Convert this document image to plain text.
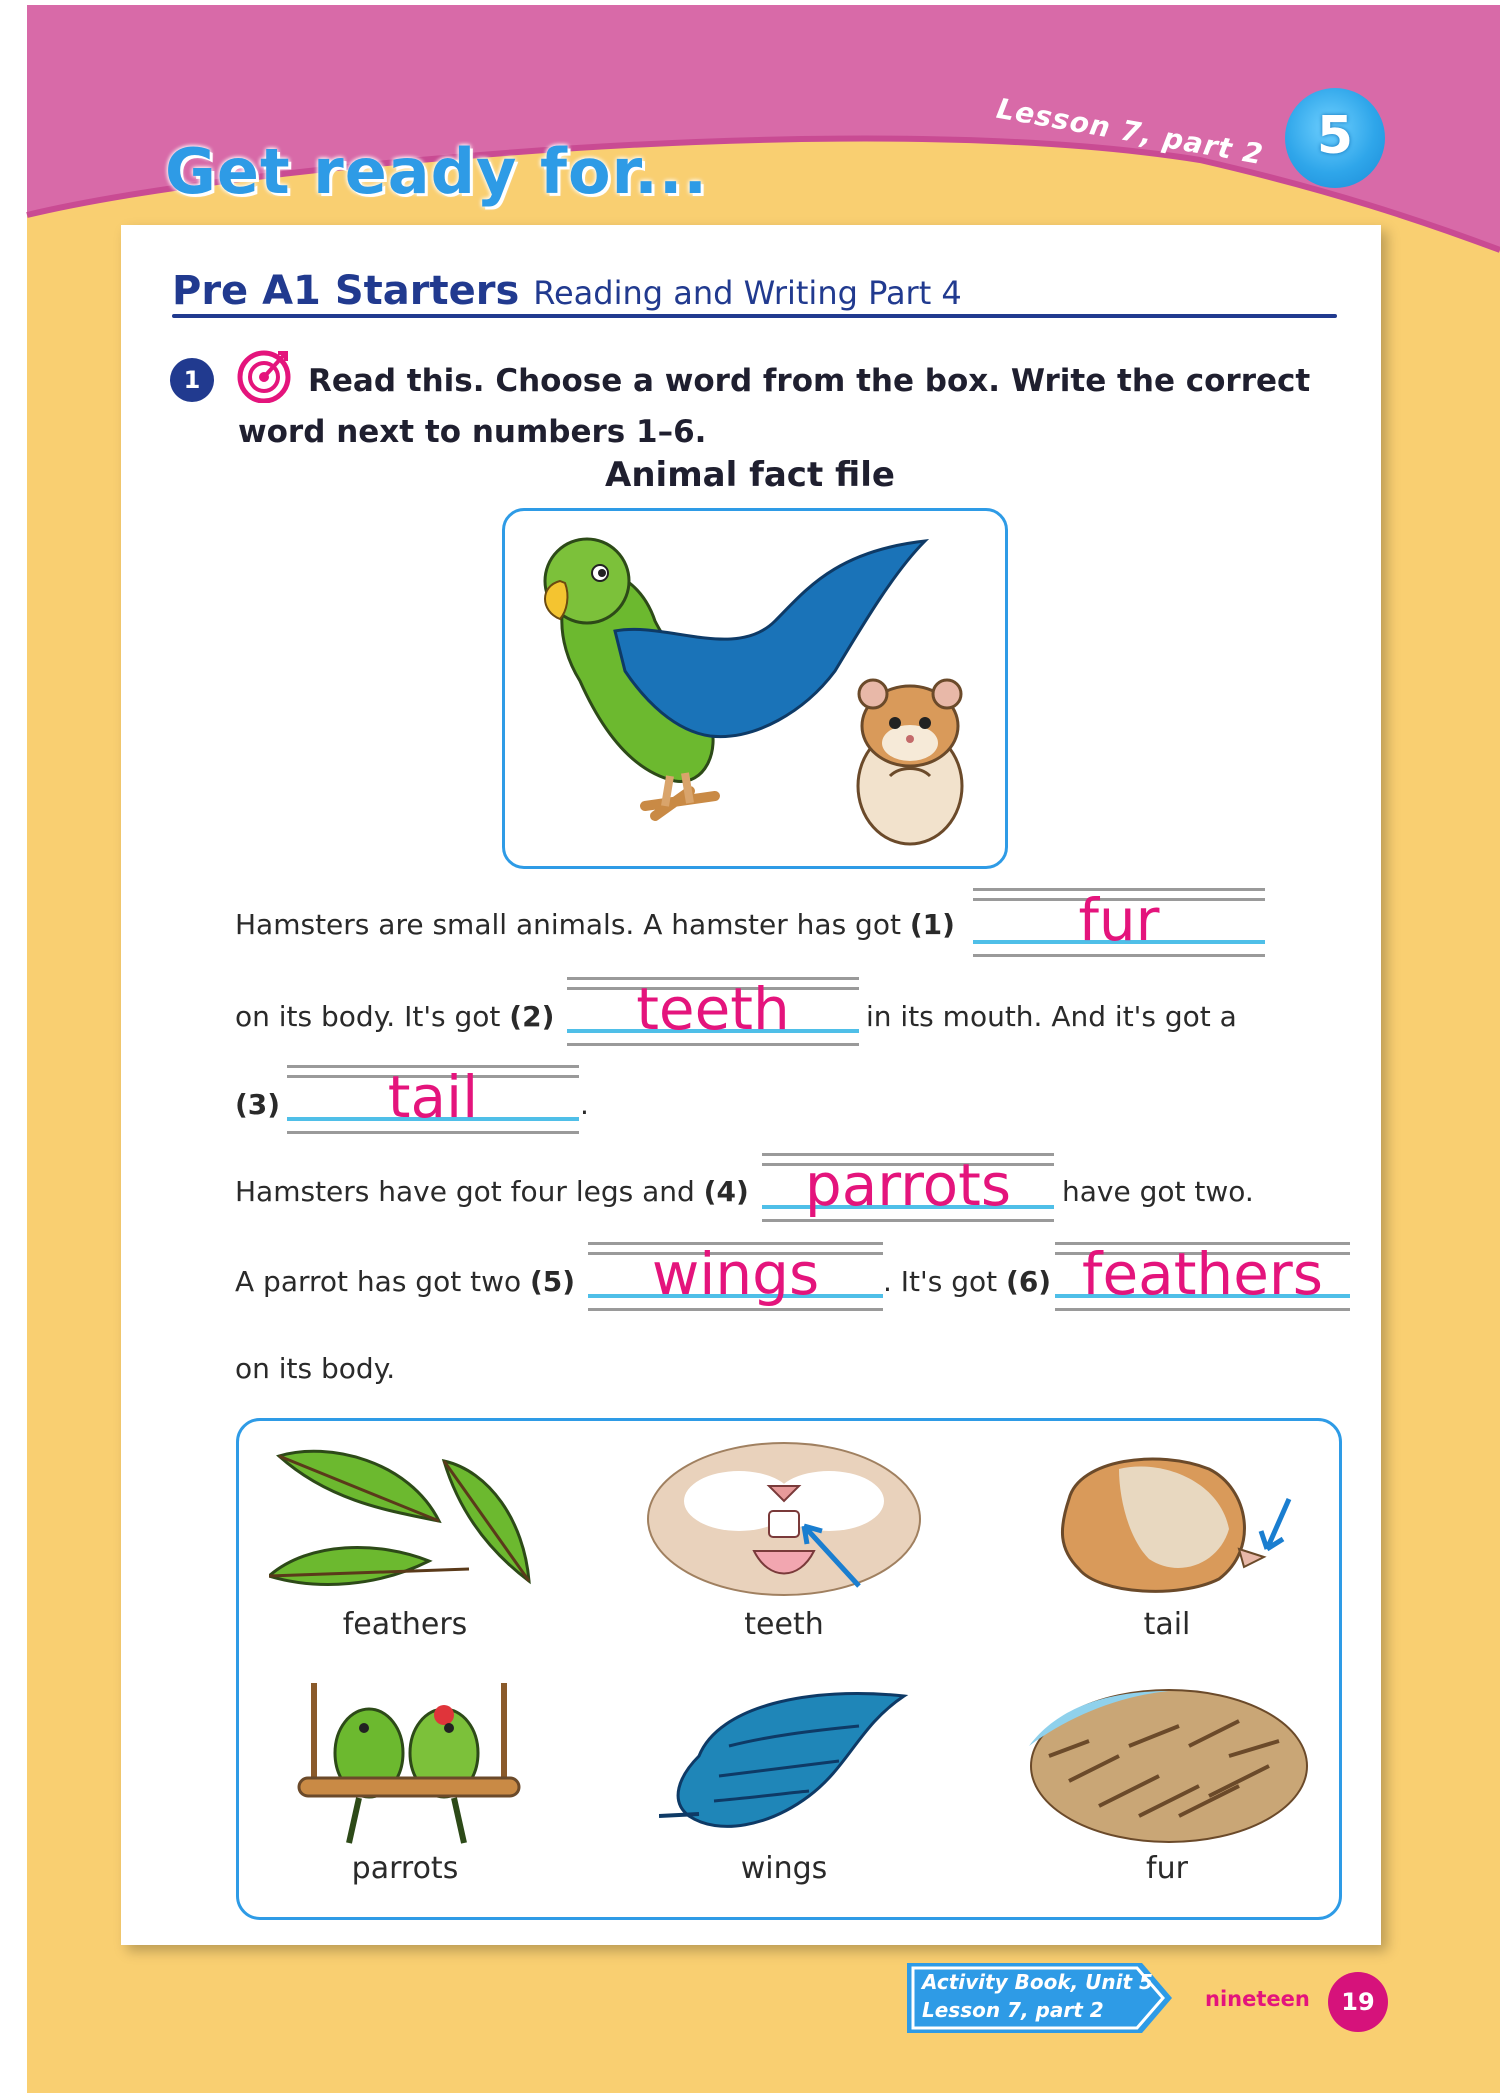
Get ready for...
Lesson 7, part 2 5
Pre A1 Starters Reading and Writing Part 4
1	Read this. Choose a word from the box. Write the correct word next to numbers 1–6.
Animal fact file
Hamsters are small animals. A hamster has got (1)	fur
on its body. It's got (2)	teeth	in its mouth. And it's got a
(3)	tail	.
Hamsters have got four legs and (4) parrots	have got two.
A parrot has got two (5)	wings	. It's got (6) feathers
on its body.
feathers	teeth	tail
parrots	wings	fur
Activity Book, Unit 5
Lesson 7, part 2	nineteen	19
